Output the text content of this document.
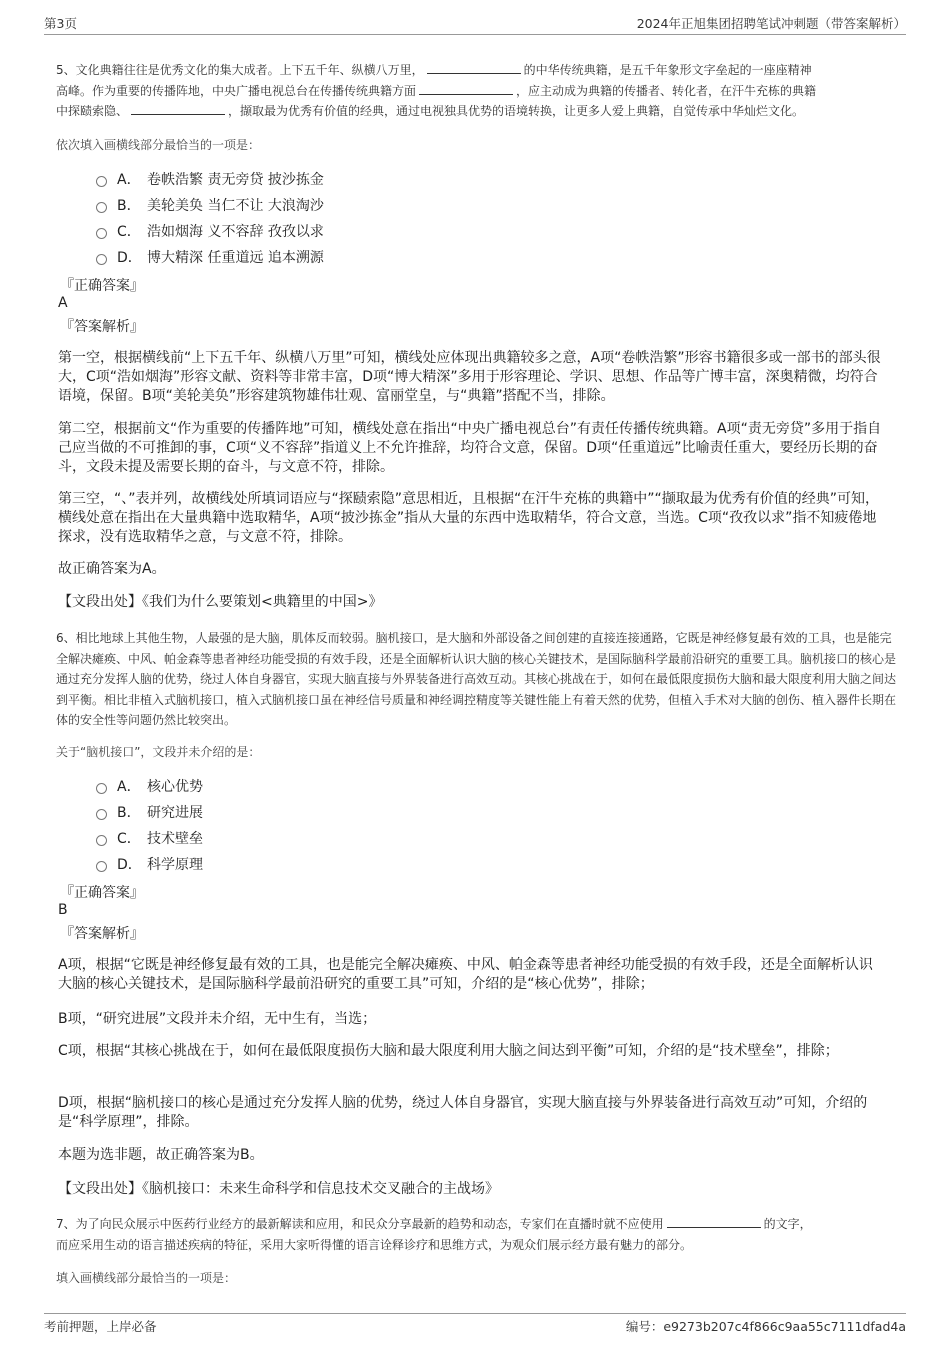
第3页	2024年正旭集团招聘笔试冲刺题（带答案解析）
5、文化典籍往往是优秀文化的集大成者。上下五千年、纵横八万里，	的中华传统典籍，是五千年象形文字垒起的一座座精神
高峰。作为重要的传播阵地，中央广播电视总台在传播传统典籍方面	，应主动成为典籍的传播者、转化者，在汗牛充栋的典籍
中探赜索隐、	，撷取最为优秀有价值的经典，通过电视独具优势的语境转换，让更多人爱上典籍，自觉传承中华灿烂文化。
依次填入画横线部分最恰当的一项是：
A． 卷帙浩繁 责无旁贷 披沙拣金
B． 美轮美奂 当仁不让 大浪淘沙
C． 浩如烟海 义不容辞 孜孜以求
D． 博大精深 任重道远 追本溯源
『正确答案』
A
『答案解析』
第一空，根据横线前“上下五千年、纵横八万里”可知，横线处应体现出典籍较多之意，A项“卷帙浩繁”形容书籍很多或一部书的部头很大，C项“浩如烟海”形容文献、资料等非常丰富，D项“博大精深”多用于形容理论、学识、思想、作品等广博丰富，深奥精微，均符合语境，保留。B项“美轮美奂”形容建筑物雄伟壮观、富丽堂皇，与“典籍”搭配不当，排除。
第二空，根据前文“作为重要的传播阵地”可知，横线处意在指出“中央广播电视总台”有责任传播传统典籍。A项“责无旁贷”多用于指自己应当做的不可推卸的事，C项“义不容辞”指道义上不允许推辞，均符合文意，保留。D项“任重道远”比喻责任重大，要经历长期的奋斗，文段未提及需要长期的奋斗，与文意不符，排除。
第三空，“、”表并列，故横线处所填词语应与“探赜索隐”意思相近，且根据“在汗牛充栋的典籍中”“撷取最为优秀有价值的经典”可知，横线处意在指出在大量典籍中选取精华，A项“披沙拣金”指从大量的东西中选取精华，符合文意，当选。C项“孜孜以求”指不知疲倦地探求，没有选取精华之意，与文意不符，排除。
故正确答案为A。
【文段出处】《我们为什么要策划<典籍里的中国>》
6、相比地球上其他生物，人最强的是大脑，肌体反而较弱。脑机接口，是大脑和外部设备之间创建的直接连接通路，它既是神经修复最有效的工具，也是能完全解决瘫痪、中风、帕金森等患者神经功能受损的有效手段，还是全面解析认识大脑的核心关键技术，是国际脑科学最前沿研究的重要工具。脑机接口的核心是通过充分发挥人脑的优势，绕过人体自身器官，实现大脑直接与外界装备进行高效互动。其核心挑战在于，如何在最低限度损伤大脑和最大限度利用大脑之间达到平衡。相比非植入式脑机接口，植入式脑机接口虽在神经信号质量和神经调控精度等关键性能上有着天然的优势，但植入手术对大脑的创伤、植入器件长期在体的安全性等问题仍然比较突出。
关于“脑机接口”，文段并未介绍的是：
A． 核心优势
B． 研究进展
C． 技术壁垒
D． 科学原理
『正确答案』
B
『答案解析』
A项，根据“它既是神经修复最有效的工具，也是能完全解决瘫痪、中风、帕金森等患者神经功能受损的有效手段，还是全面解析认识大脑的核心关键技术，是国际脑科学最前沿研究的重要工具”可知，介绍的是“核心优势”，排除；
B项，“研究进展”文段并未介绍，无中生有，当选；
C项，根据“其核心挑战在于，如何在最低限度损伤大脑和最大限度利用大脑之间达到平衡”可知，介绍的是“技术壁垒”，排除；
D项，根据“脑机接口的核心是通过充分发挥人脑的优势，绕过人体自身器官，实现大脑直接与外界装备进行高效互动”可知，介绍的是“科学原理”，排除。
本题为选非题，故正确答案为B。
【文段出处】《脑机接口：未来生命科学和信息技术交叉融合的主战场》
7、为了向民众展示中医药行业经方的最新解读和应用，和民众分享最新的趋势和动态，专家们在直播时就不应使用	的文字，
而应采用生动的语言描述疾病的特征，采用大家听得懂的语言诠释诊疗和思维方式，为观众们展示经方最有魅力的部分。
填入画横线部分最恰当的一项是：
考前押题，上岸必备	编号：e9273b207c4f866c9aa55c7111dfad4a
